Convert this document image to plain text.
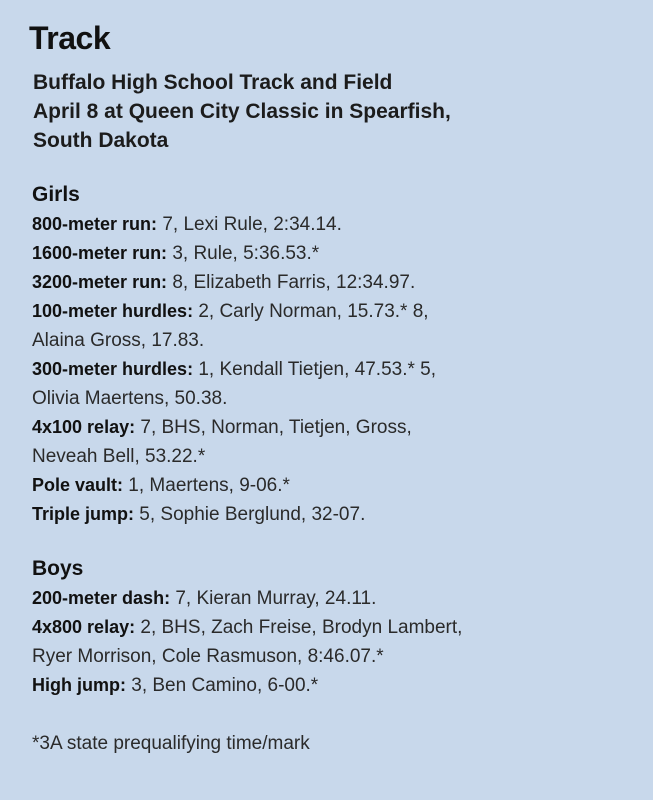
Track
Buffalo High School Track and Field
April 8 at Queen City Classic in Spearfish,
South Dakota
Girls
800-meter run: 7, Lexi Rule, 2:34.14.
1600-meter run: 3, Rule, 5:36.53.*
3200-meter run: 8, Elizabeth Farris, 12:34.97.
100-meter hurdles: 2, Carly Norman, 15.73.* 8,
Alaina Gross, 17.83.
300-meter hurdles: 1, Kendall Tietjen, 47.53.* 5,
Olivia Maertens, 50.38.
4x100 relay: 7, BHS, Norman, Tietjen, Gross,
Neveah Bell, 53.22.*
Pole vault: 1, Maertens, 9-06.*
Triple jump: 5, Sophie Berglund, 32-07.
Boys
200-meter dash: 7, Kieran Murray, 24.11.
4x800 relay: 2, BHS, Zach Freise, Brodyn Lambert,
Ryer Morrison, Cole Rasmuson, 8:46.07.*
High jump: 3, Ben Camino, 6-00.*
*3A state prequalifying time/mark
